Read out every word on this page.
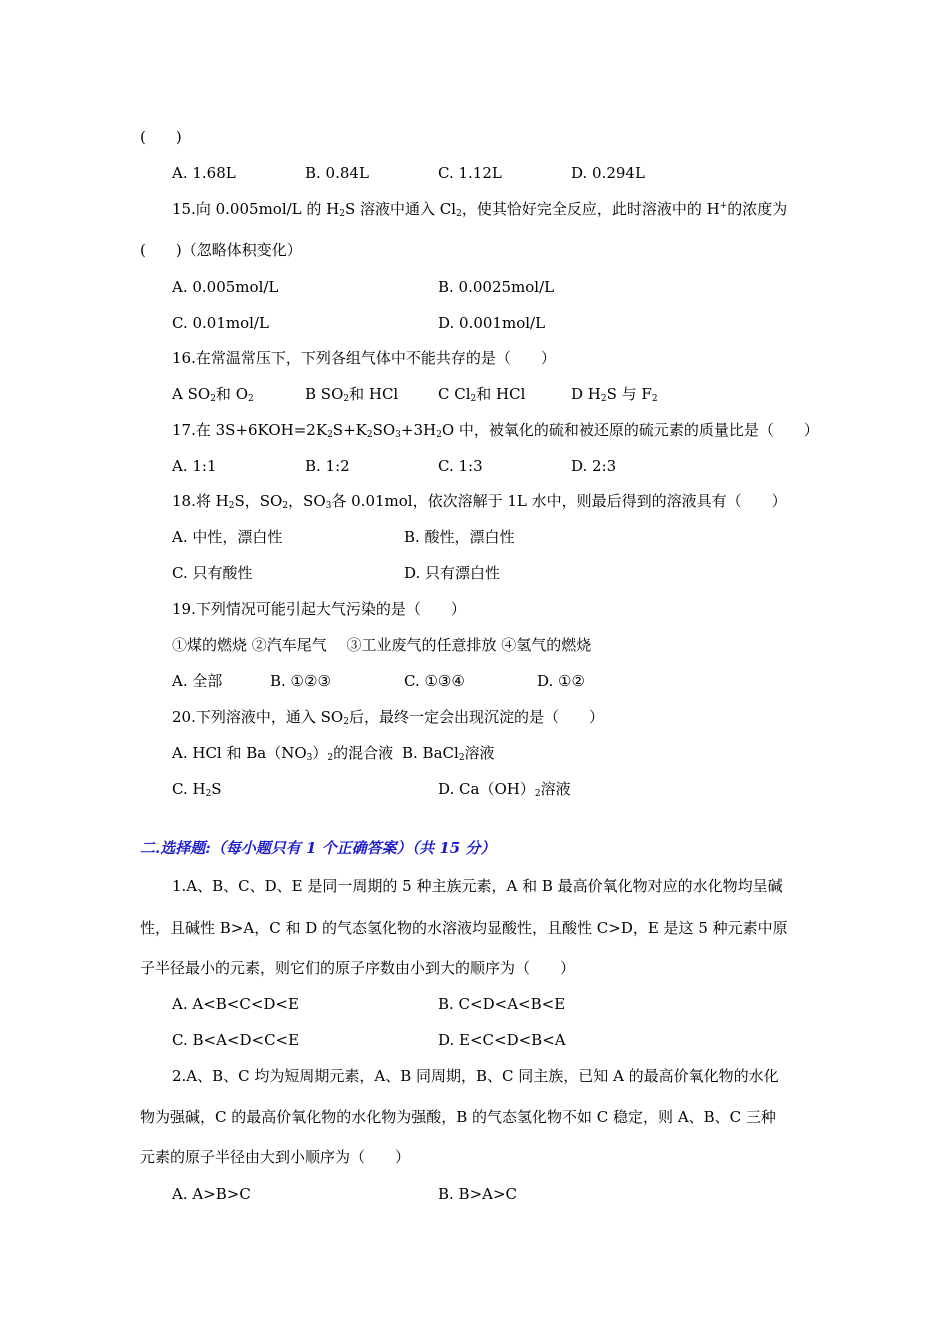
(　　)
A. 1.68L	B. 0.84L	C. 1.12L	D. 0.294L
15.向 0.005mol/L 的 $H_2S$ 溶液中通入 $Cl_2$，使其恰好完全反应，此时溶液中的 H+的浓度为
(　　)（忽略体积变化）
A. 0.005mol/L	B. 0.0025mol/L
C. 0.01mol/L	D. 0.001mol/L
16.在常温常压下，下列各组气体中不能共存的是（　　）
A $SO_2$和 $O_2$	B $SO_2$和 HCl	C $Cl_2$和 HCl	D $H_2S$ 与 $F_2$
17.在 $3S+6KOH=2K_2S+K_2SO_3+3H_2O$ 中，被氧化的硫和被还原的硫元素的质量比是（　　）
A. 1:1	B. 1:2	C. 1:3	D. 2:3
18.将 $H_2S$，$SO_2$，$SO_3$各 0.01mol，依次溶解于 1L 水中，则最后得到的溶液具有（　　）
A. 中性，漂白性	B. 酸性，漂白性
C. 只有酸性	D. 只有漂白性
19.下列情况可能引起大气污染的是（　　）
①煤的燃烧 ②汽车尾气 　③工业废气的任意排放 ④氢气的燃烧
A. 全部	B. ①②③	C. ①③④	D. ①②
20.下列溶液中，通入 $SO_2$后，最终一定会出现沉淀的是（　　）
A. HCl 和 $Ba(NO_3)_2$的混合液 B. BaCl$_2$溶液
C. $H_2S$	D. $Ca(OH)_2$溶液
二.选择题:（每小题只有 1 个正确答案）（共 15 分）
1.A、B、C、D、E 是同一周期的 5 种主族元素，A 和 B 最高价氧化物对应的水化物均呈碱
性，且碱性 B>A，C 和 D 的气态氢化物的水溶液均显酸性，且酸性 C>D，E 是这 5 种元素中原
子半径最小的元素，则它们的原子序数由小到大的顺序为（　　）
A. A<B<C<D<E	B. C<D<A<B<E
C. B<A<D<C<E	D. E<C<D<B<A
2.A、B、C 均为短周期元素，A、B 同周期，B、C 同主族，已知 A 的最高价氧化物的水化
物为强碱，C 的最高价氧化物的水化物为强酸，B 的气态氢化物不如 C 稳定，则 A、B、C 三种
元素的原子半径由大到小顺序为（　　）
A. A>B>C	B. B>A>C
